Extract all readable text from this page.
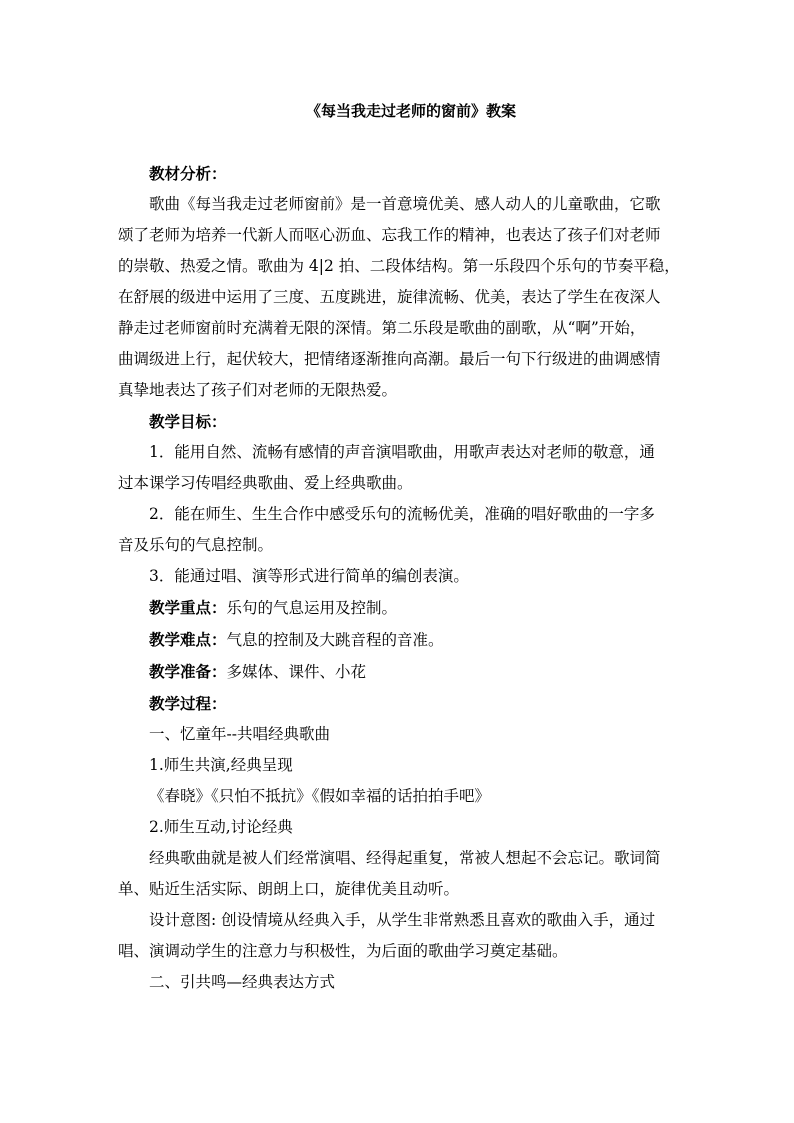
《每当我走过老师的窗前》教案

教材分析：

歌曲《每当我走过老师窗前》是一首意境优美、感人动人的儿童歌曲，它歌

颂了老师为培养一代新人而呕心沥血、忘我工作的精神，也表达了孩子们对老师

的崇敬、热爱之情。歌曲为 4|2 拍、二段体结构。第一乐段四个乐句的节奏平稳，

在舒展的级进中运用了三度、五度跳进，旋律流畅、优美，表达了学生在夜深人

静走过老师窗前时充满着无限的深情。第二乐段是歌曲的副歌，从“啊”开始，

曲调级进上行，起伏较大，把情绪逐渐推向高潮。最后一句下行级进的曲调感情

真挚地表达了孩子们对老师的无限热爱。

教学目标：

1．能用自然、流畅有感情的声音演唱歌曲，用歌声表达对老师的敬意，通

过本课学习传唱经典歌曲、爱上经典歌曲。

2．能在师生、生生合作中感受乐句的流畅优美，准确的唱好歌曲的一字多

音及乐句的气息控制。

3．能通过唱、演等形式进行简单的编创表演。

教学重点：乐句的气息运用及控制。

教学难点：气息的控制及大跳音程的音准。

教学准备：多媒体、课件、小花

教学过程：

一、忆童年--共唱经典歌曲

1.师生共演,经典呈现

《春晓》《只怕不抵抗》《假如幸福的话拍拍手吧》

2.师生互动,讨论经典

经典歌曲就是被人们经常演唱、经得起重复，常被人想起不会忘记。歌词简

单、贴近生活实际、朗朗上口，旋律优美且动听。

设计意图: 创设情境从经典入手，从学生非常熟悉且喜欢的歌曲入手，通过

唱、演调动学生的注意力与积极性，为后面的歌曲学习奠定基础。

二、引共鸣—经典表达方式
